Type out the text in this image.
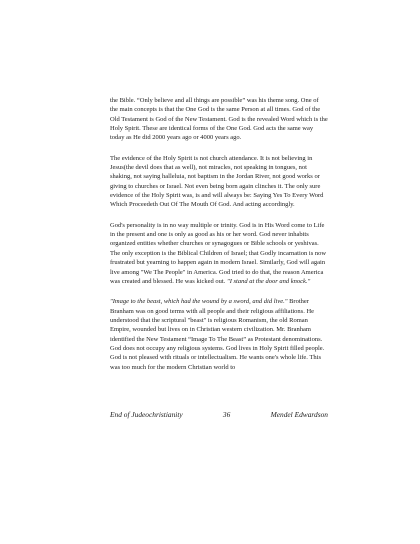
the Bible. “Only believe and all things are possible” was his theme song. One of the main concepts is that the One God is the same Person at all times. God of the Old Testament is God of the New Testament. God is the revealed Word which is the Holy Spirit. These are identical forms of the One God. God acts the same way today as He did 2000 years ago or 4000 years ago.

The evidence of the Holy Spirit is not church attendance. It is not believing in Jesus(the devil does that as well), not miracles, not speaking in tongues, not shaking, not saying halleluia, not baptism in the Jordan River, not good works or giving to churches or Israel. Not even being born again clinches it. The only sure evidence of the Holy Spirit was, is and will always be: Saying Yes To Every Word Which Proceedeth Out Of The Mouth Of God. And acting accordingly.

God's personality is in no way multiple or trinity. God is in His Word come to Life in the present and one is only as good as his or her word. God never inhabits organized entities whether churches or synagogues or Bible schools or yeshivas. The only exception is the Biblical Children of Israel; that Godly incarnation is now frustrated but yearning to happen again in modern Israel. Similarly, God will again live among "We The People" in America. God tried to do that, the reason America was created and blessed. He was kicked out. "I stand at the door and knock."

"Image to the beast, which had the wound by a sword, and did live." Brother Branham was on good terms with all people and their religious affiliations. He understood that the scriptural "beast" is religious Romanism, the old Roman Empire, wounded but lives on in Christian western civilization. Mr. Branham identified the New Testament “Image To The Beast” as Protestant denominations. God does not occupy any religious systems. God lives in Holy Spirit filled people. God is not pleased with rituals or intellectualism. He wants one's whole life. This was too much for the modern Christian world to

End of Judeochristianity	36	Mendel Edwardson
